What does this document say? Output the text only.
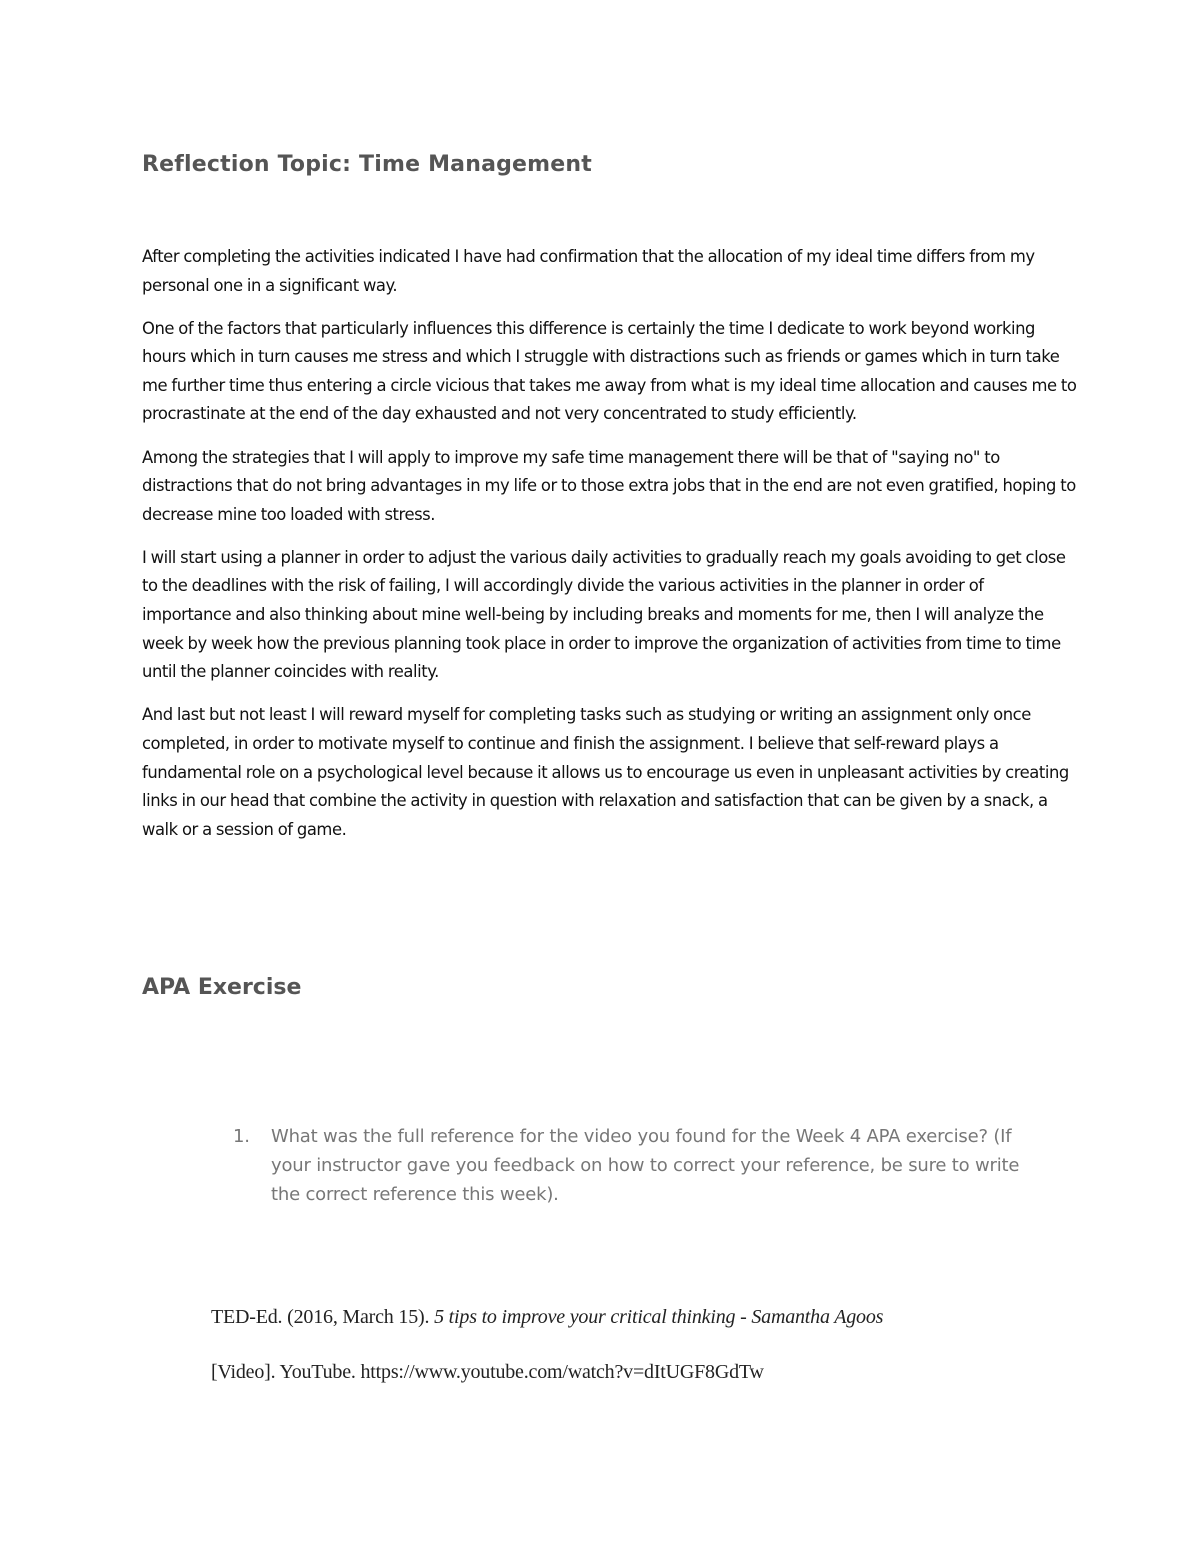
Reflection Topic: Time Management

After completing the activities indicated I have had confirmation that the allocation of my ideal time differs from my personal one in a significant way.

One of the factors that particularly influences this difference is certainly the time I dedicate to work beyond working hours which in turn causes me stress and which I struggle with distractions such as friends or games which in turn take me further time thus entering a circle vicious that takes me away from what is my ideal time allocation and causes me to procrastinate at the end of the day exhausted and not very concentrated to study efficiently.

Among the strategies that I will apply to improve my safe time management there will be that of "saying no" to distractions that do not bring advantages in my life or to those extra jobs that in the end are not even gratified, hoping to decrease mine too loaded with stress.

I will start using a planner in order to adjust the various daily activities to gradually reach my goals avoiding to get close to the deadlines with the risk of failing, I will accordingly divide the various activities in the planner in order of importance and also thinking about mine well-being by including breaks and moments for me, then I will analyze the week by week how the previous planning took place in order to improve the organization of activities from time to time until the planner coincides with reality.

And last but not least I will reward myself for completing tasks such as studying or writing an assignment only once completed, in order to motivate myself to continue and finish the assignment. I believe that self-reward plays a fundamental role on a psychological level because it allows us to encourage us even in unpleasant activities by creating links in our head that combine the activity in question with relaxation and satisfaction that can be given by a snack, a walk or a session of game.

APA Exercise
1.	What was the full reference for the video you found for the Week 4 APA exercise? (If your instructor gave you feedback on how to correct your reference, be sure to write the correct reference this week).
TED-Ed. (2016, March 15). 5 tips to improve your critical thinking - Samantha Agoos
[Video]. YouTube. https://www.youtube.com/watch?v=dItUGF8GdTw
